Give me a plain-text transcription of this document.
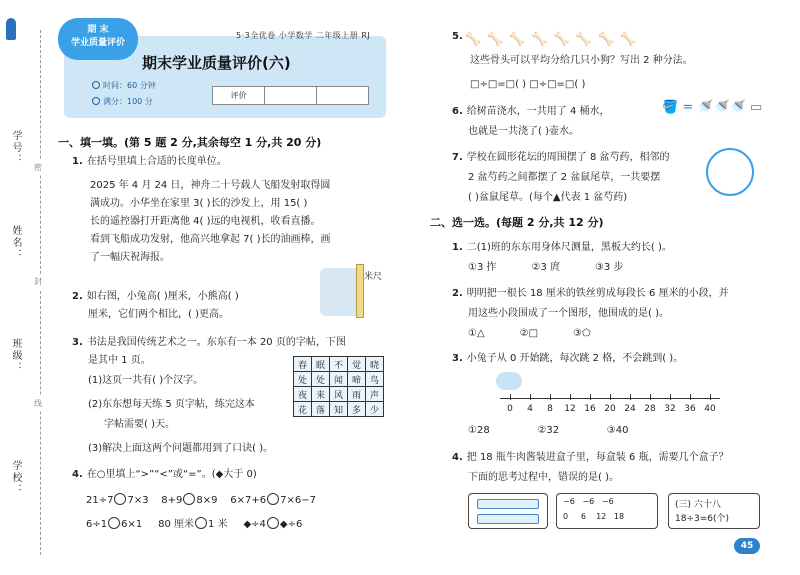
学号：
姓名：
班级：
学校：
密
封
线
期 末
学业质量评价
5·3全优卷 小学数学 二年级上册 RJ
期末学业质量评价(六)
时间：60 分钟
满分：100 分
评价		
一、填一填。(第 5 题 2 分,其余每空 1 分,共 20 分)
1. 在括号里填上合适的长度单位。
2025 年 4 月 24 日，神舟二十号载人飞船发射取得圆
满成功。小华坐在家里 3( )长的沙发上，用 15( )
长的遥控器打开距离他 4( )远的电视机，收看直播。
看到飞船成功发射，他高兴地拿起 7( )长的油画棒，画
了一幅庆祝海报。
2. 如右图，小兔高( )厘米，小熊高( )
厘米，它们两个相比，( )更高。
米尺
3. 书法是我国传统艺术之一。东东有一本 20 页的字帖，下图
是其中 1 页。	春	眠	不	觉	晓
处	处	闻	啼	鸟
夜	来	风	雨	声
花	落	知	多	少
(1)这页一共有( )个汉字。
(2)东东想每天练 5 页字帖，练完这本
字帖需要( )天。
(3)解决上面这两个问题都用到了口诀( )。
4. 在○里填上“>”“<”或“=”。(◆大于 0)
21÷7 7×3 8+9 8×9 6×7+6 7×6−7
6÷1 6×1 80 厘米 1 米 ◆÷4 ◆÷6
5. 🦴🦴🦴🦴🦴🦴🦴🦴
这些骨头可以平均分给几只小狗？写出 2 种分法。
□÷□=□( ) □÷□=□( )
6. 给树苗浇水，一共用了 4 桶水，
也就是一共浇了( )壶水。
🪣 = 🚿🚿🚿 ▭
7. 学校在圆形花坛的周围摆了 8 盆芍药，相邻的
2 盆芍药之间都摆了 2 盆鼠尾草，一共要摆
( )盆鼠尾草。(每个▲代表 1 盆芍药)
二、选一选。(每题 2 分,共 12 分)
1. 二(1)班的东东用身体尺测量，黑板大约长( )。
①3 拃	②3 庹	③3 步
2. 明明把一根长 18 厘米的铁丝剪成每段长 6 厘米的小段，并
用这些小段围成了一个图形，他围成的是( )。
①△	②□	③⬠
3. 小兔子从 0 开始跳，每次跳 2 格，不会跳到( )。
0	4	8	12 16 20 24 28 32 36 40
①28	②32	③40
4. 把 18 瓶牛肉酱装进盒子里，每盒装 6 瓶，需要几个盒子？
下面的思考过程中，错误的是( )。
−6 −6 −6
0 6 12 18
(三) 六十八
18÷3=6(个)
45
